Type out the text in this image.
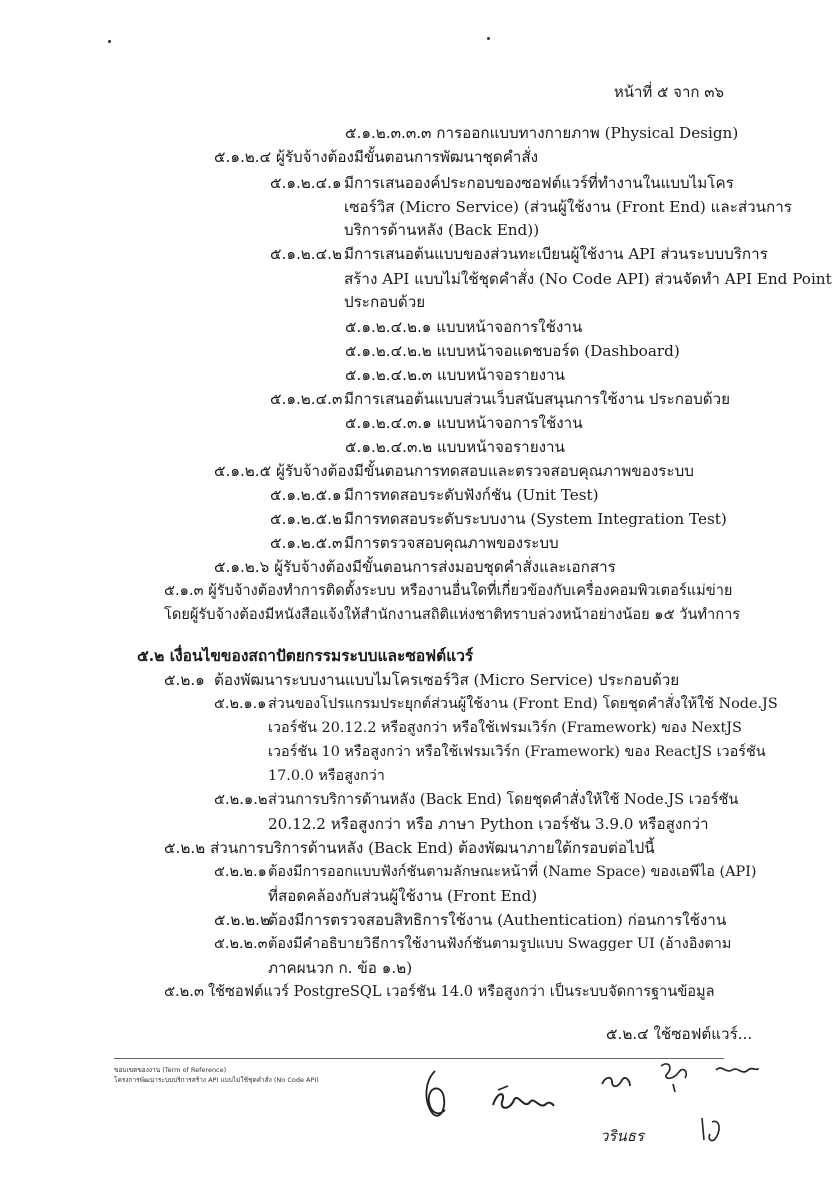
หน้าที่ ๕ จาก ๓๖
๕.๑.๒.๓.๓.๓ การออกแบบทางกายภาพ (Physical Design)
๕.๑.๒.๔ ผู้รับจ้างต้องมีขั้นตอนการพัฒนาชุดคำสั่ง
๕.๑.๒.๔.๑ มีการเสนอองค์ประกอบของซอฟต์แวร์ที่ทำงานในแบบไมโคร
เซอร์วิส (Micro Service) (ส่วนผู้ใช้งาน (Front End) และส่วนการ
บริการด้านหลัง (Back End))
๕.๑.๒.๔.๒ มีการเสนอต้นแบบของส่วนทะเบียนผู้ใช้งาน API ส่วนระบบบริการ
สร้าง API แบบไม่ใช้ชุดคำสั่ง (No Code API) ส่วนจัดทำ API End Point
ประกอบด้วย
๕.๑.๒.๔.๒.๑ แบบหน้าจอการใช้งาน
๕.๑.๒.๔.๒.๒ แบบหน้าจอแดชบอร์ด (Dashboard)
๕.๑.๒.๔.๒.๓ แบบหน้าจอรายงาน
๕.๑.๒.๔.๓ มีการเสนอต้นแบบส่วนเว็บสนับสนุนการใช้งาน ประกอบด้วย
๕.๑.๒.๔.๓.๑ แบบหน้าจอการใช้งาน
๕.๑.๒.๔.๓.๒ แบบหน้าจอรายงาน
๕.๑.๒.๕ ผู้รับจ้างต้องมีขั้นตอนการทดสอบและตรวจสอบคุณภาพของระบบ
๕.๑.๒.๕.๑ มีการทดสอบระดับฟังก์ชัน (Unit Test)
๕.๑.๒.๕.๒ มีการทดสอบระดับระบบงาน (System Integration Test)
๕.๑.๒.๕.๓ มีการตรวจสอบคุณภาพของระบบ
๕.๑.๒.๖ ผู้รับจ้างต้องมีขั้นตอนการส่งมอบชุดคำสั่งและเอกสาร
๕.๑.๓ ผู้รับจ้างต้องทำการติดตั้งระบบ หรืองานอื่นใดที่เกี่ยวข้องกับเครื่องคอมพิวเตอร์แม่ข่าย
โดยผู้รับจ้างต้องมีหนังสือแจ้งให้สำนักงานสถิติแห่งชาติทราบล่วงหน้าอย่างน้อย ๑๕ วันทำการ
๕.๒ เงื่อนไขของสถาปัตยกรรมระบบและซอฟต์แวร์
๕.๒.๑ ต้องพัฒนาระบบงานแบบไมโครเซอร์วิส (Micro Service) ประกอบด้วย
๕.๒.๑.๑ ส่วนของโปรแกรมประยุกต์ส่วนผู้ใช้งาน (Front End) โดยชุดคำสั่งให้ใช้ Node.JS
เวอร์ชัน 20.12.2 หรือสูงกว่า หรือใช้เฟรมเวิร์ก (Framework) ของ NextJS
เวอร์ชัน 10 หรือสูงกว่า หรือใช้เฟรมเวิร์ก (Framework) ของ ReactJS เวอร์ชัน
17.0.0 หรือสูงกว่า
๕.๒.๑.๒ส่วนการบริการด้านหลัง (Back End) โดยชุดคำสั่งให้ใช้ Node.JS เวอร์ชัน
20.12.2 หรือสูงกว่า หรือ ภาษา Python เวอร์ชัน 3.9.0 หรือสูงกว่า
๕.๒.๒ ส่วนการบริการด้านหลัง (Back End) ต้องพัฒนาภายใต้กรอบต่อไปนี้
๕.๒.๒.๑ต้องมีการออกแบบฟังก์ชันตามลักษณะหน้าที่ (Name Space) ของเอพีไอ (API)
ที่สอดคล้องกับส่วนผู้ใช้งาน (Front End)
๕.๒.๒.๒ต้องมีการตรวจสอบสิทธิการใช้งาน (Authentication) ก่อนการใช้งาน
๕.๒.๒.๓ต้องมีคำอธิบายวิธีการใช้งานฟังก์ชันตามรูปแบบ Swagger UI (อ้างอิงตาม
ภาคผนวก ก. ข้อ ๑.๒)
๕.๒.๓ ใช้ซอฟต์แวร์ PostgreSQL เวอร์ชัน 14.0 หรือสูงกว่า เป็นระบบจัดการฐานข้อมูล
๕.๒.๔ ใช้ซอฟต์แวร์...
ขอบเขตของงาน (Term of Reference)
โครงการพัฒนาระบบบริการสร้าง API แบบไม่ใช้ชุดคำสั่ง (No Code API)
วรินธร
